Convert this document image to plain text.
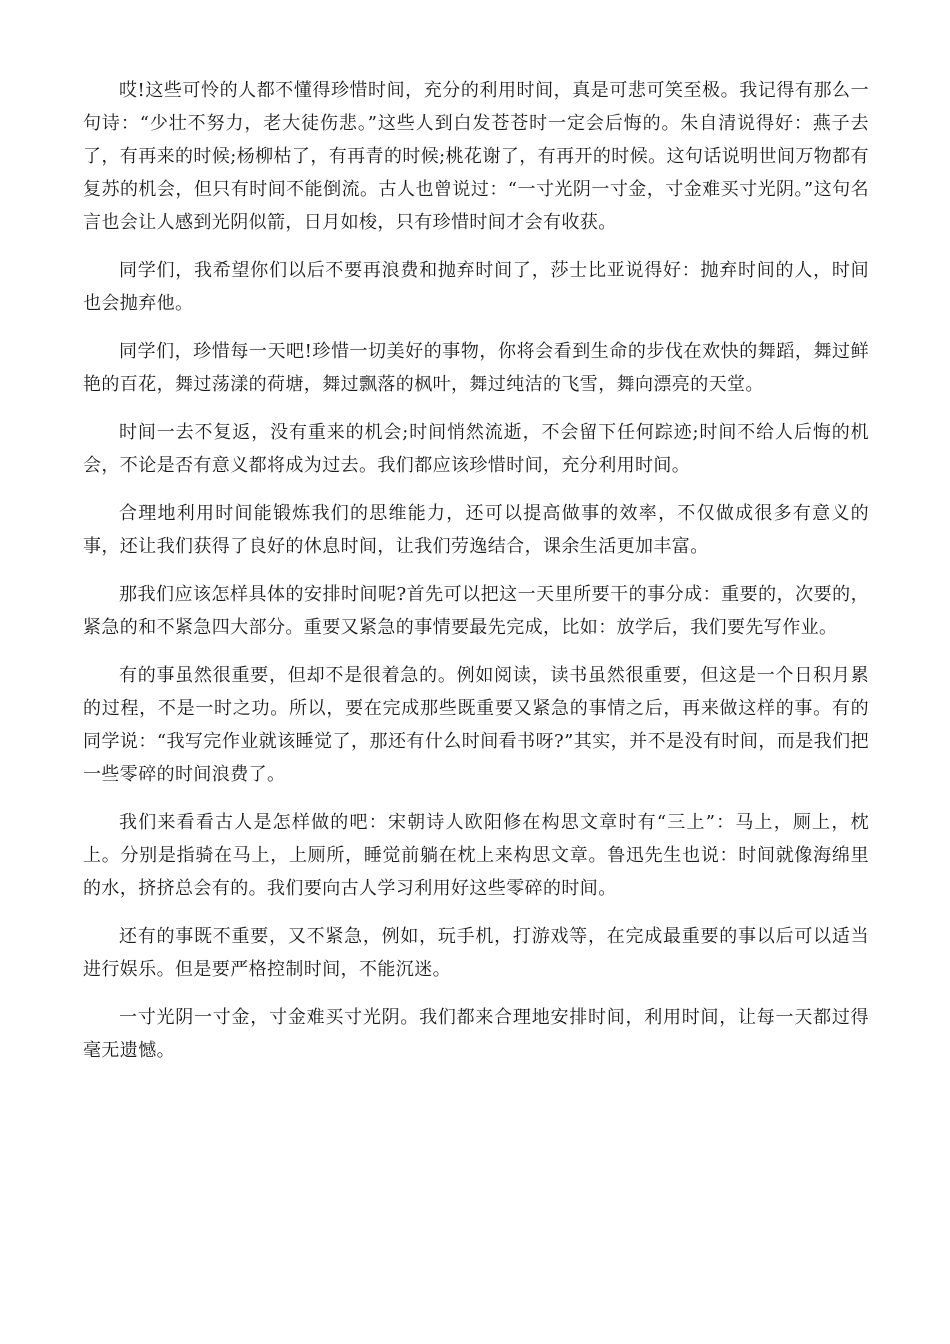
哎!这些可怜的人都不懂得珍惜时间，充分的利用时间，真是可悲可笑至极。我记得有那么一句诗：“少壮不努力，老大徒伤悲。”这些人到白发苍苍时一定会后悔的。朱自清说得好：燕子去了，有再来的时候;杨柳枯了，有再青的时候;桃花谢了，有再开的时候。这句话说明世间万物都有复苏的机会，但只有时间不能倒流。古人也曾说过：“一寸光阴一寸金，寸金难买寸光阴。”这句名言也会让人感到光阴似箭，日月如梭，只有珍惜时间才会有收获。

同学们，我希望你们以后不要再浪费和抛弃时间了，莎士比亚说得好：抛弃时间的人，时间也会抛弃他。

同学们，珍惜每一天吧!珍惜一切美好的事物，你将会看到生命的步伐在欢快的舞蹈，舞过鲜艳的百花，舞过荡漾的荷塘，舞过飘落的枫叶，舞过纯洁的飞雪，舞向漂亮的天堂。

时间一去不复返，没有重来的机会;时间悄然流逝，不会留下任何踪迹;时间不给人后悔的机会，不论是否有意义都将成为过去。我们都应该珍惜时间，充分利用时间。

合理地利用时间能锻炼我们的思维能力，还可以提高做事的效率，不仅做成很多有意义的事，还让我们获得了良好的休息时间，让我们劳逸结合，课余生活更加丰富。

那我们应该怎样具体的安排时间呢?首先可以把这一天里所要干的事分成：重要的，次要的，紧急的和不紧急四大部分。重要又紧急的事情要最先完成，比如：放学后，我们要先写作业。

有的事虽然很重要，但却不是很着急的。例如阅读，读书虽然很重要，但这是一个日积月累的过程，不是一时之功。所以，要在完成那些既重要又紧急的事情之后，再来做这样的事。有的同学说：“我写完作业就该睡觉了，那还有什么时间看书呀?”其实，并不是没有时间，而是我们把一些零碎的时间浪费了。

我们来看看古人是怎样做的吧：宋朝诗人欧阳修在构思文章时有“三上”：马上，厕上，枕上。分别是指骑在马上，上厕所，睡觉前躺在枕上来构思文章。鲁迅先生也说：时间就像海绵里的水，挤挤总会有的。我们要向古人学习利用好这些零碎的时间。

还有的事既不重要，又不紧急，例如，玩手机，打游戏等，在完成最重要的事以后可以适当进行娱乐。但是要严格控制时间，不能沉迷。

一寸光阴一寸金，寸金难买寸光阴。我们都来合理地安排时间，利用时间，让每一天都过得毫无遗憾。
